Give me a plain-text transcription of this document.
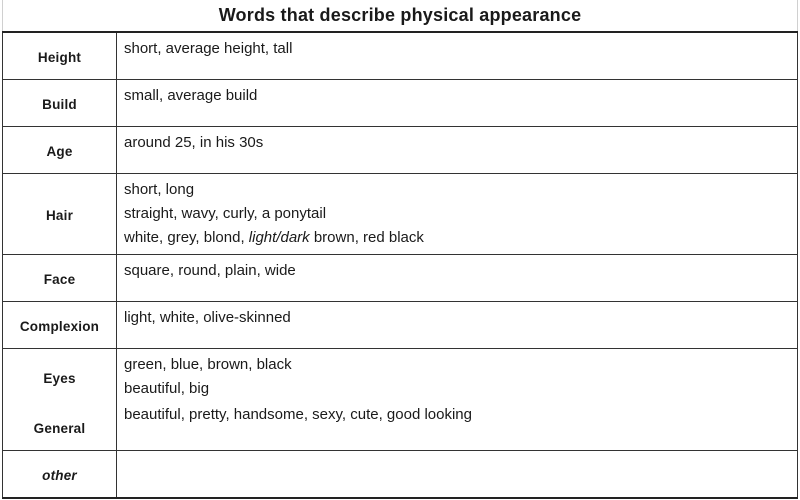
Words that describe physical appearance
Height	short, average height, tall

Build	small, average build

Age	around 25, in his 30s

Hair	short, long
straight, wavy, curly, a ponytail
white, grey, blond, light/dark brown, red black

Face	square, round, plain, wide

Complexion	light, white, olive-skinned

Eyes	green, blue, brown, black
beautiful, big

General	beautiful, pretty, handsome, sexy, cute, good looking

other	
